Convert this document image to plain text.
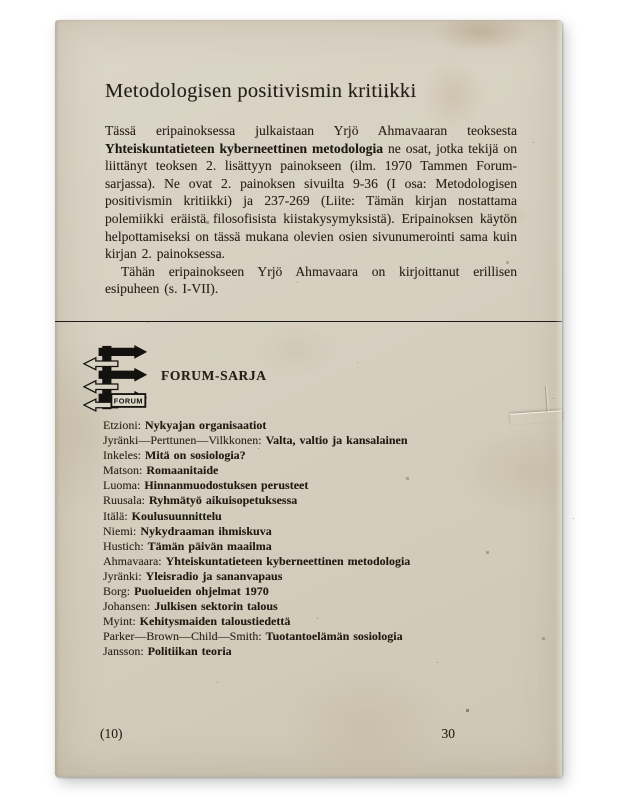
Metodologisen positivismin kritiikki

Tässä eripainoksessa julkaistaan Yrjö Ahmavaaran teoksesta Yhteiskuntatieteen kyberneettinen metodologia ne osat, jotka tekijä on liittänyt teoksen 2. lisättyyn painokseen (ilm. 1970 Tammen Forum-sarjassa). Ne ovat 2. painoksen sivuilta 9-36 (I osa: Metodologisen positivismin kritiikki) ja 237-269 (Liite: Tämän kirjan nostattama polemiikki eräistä filosofisista kiistakysymyksistä). Eripainoksen käytön helpottamiseksi on tässä mukana olevien osien sivunumerointi sama kuin kirjan 2. painoksessa.

Tähän eripainokseen Yrjö Ahmavaara on kirjoittanut erillisen esipuheen (s. I-VII).

FORUM
FORUM-SARJA
Etzioni: Nykyajan organisaatiot
Jyränki—Perttunen—Vilkkonen: Valta, valtio ja kansalainen
Inkeles: Mitä on sosiologia?
Matson: Romaanitaide
Luoma: Hinnanmuodostuksen perusteet
Ruusala: Ryhmätyö aikuisopetuksessa
Itälä: Koulusuunnittelu
Niemi: Nykydraaman ihmiskuva
Hustich: Tämän päivän maailma
Ahmavaara: Yhteiskuntatieteen kyberneettinen metodologia
Jyränki: Yleisradio ja sananvapaus
Borg: Puolueiden ohjelmat 1970
Johansen: Julkisen sektorin talous
Myint: Kehitysmaiden taloustiedettä
Parker—Brown—Child—Smith: Tuotantoelämän sosiologia
Jansson: Politiikan teoria
(10)	30
